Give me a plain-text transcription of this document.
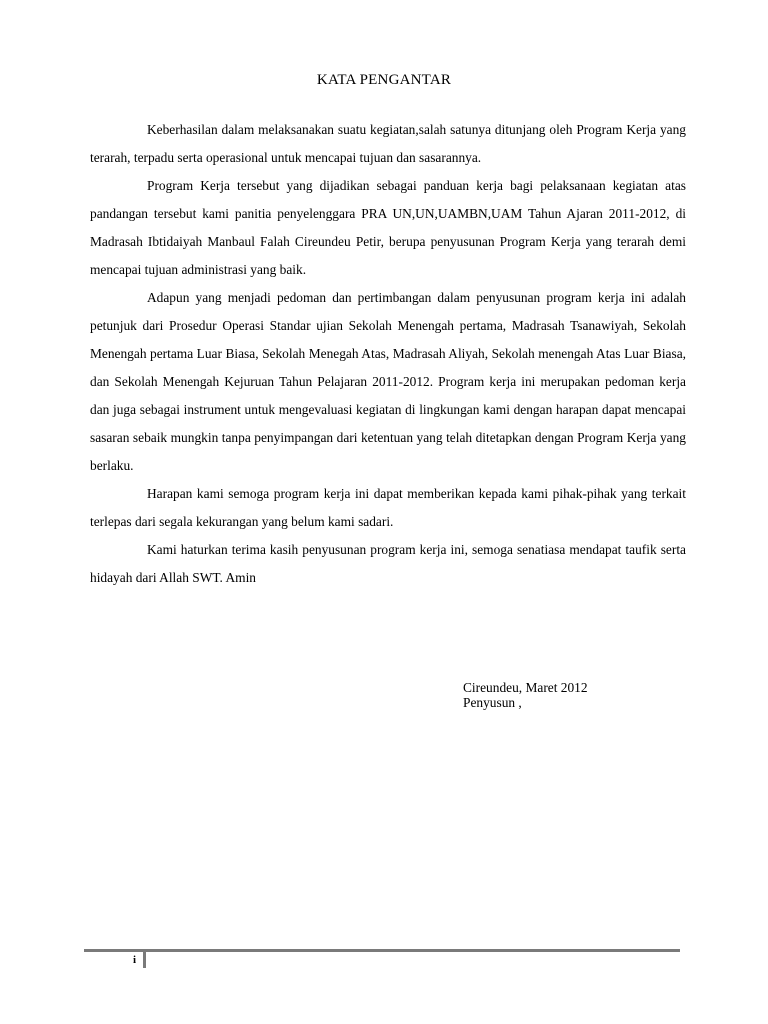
KATA PENGANTAR

Keberhasilan dalam melaksanakan suatu kegiatan,salah satunya ditunjang oleh Program Kerja yang terarah, terpadu serta operasional untuk mencapai tujuan dan sasarannya.

Program Kerja tersebut yang dijadikan sebagai panduan kerja bagi pelaksanaan kegiatan atas pandangan tersebut kami panitia penyelenggara PRA UN,UN,UAMBN,UAM Tahun Ajaran 2011-2012, di Madrasah Ibtidaiyah Manbaul Falah Cireundeu Petir, berupa penyusunan Program Kerja yang terarah demi mencapai tujuan administrasi yang baik.

Adapun yang menjadi pedoman dan pertimbangan dalam penyusunan program kerja ini adalah petunjuk dari Prosedur Operasi Standar ujian Sekolah Menengah pertama, Madrasah Tsanawiyah, Sekolah Menengah pertama Luar Biasa, Sekolah Menegah Atas, Madrasah Aliyah, Sekolah menengah Atas Luar Biasa, dan Sekolah Menengah Kejuruan Tahun Pelajaran 2011-2012. Program kerja ini merupakan pedoman kerja dan juga sebagai instrument untuk mengevaluasi kegiatan di lingkungan kami dengan harapan dapat mencapai sasaran sebaik mungkin tanpa penyimpangan dari ketentuan yang telah ditetapkan dengan Program Kerja yang berlaku.

Harapan kami semoga program kerja ini dapat memberikan kepada kami pihak-pihak yang terkait terlepas dari segala kekurangan yang belum kami sadari.

Kami haturkan terima kasih penyusunan program kerja ini, semoga senatiasa mendapat taufik serta hidayah dari Allah SWT. Amin

Cireundeu, Maret 2012
Penyusun ,
i
